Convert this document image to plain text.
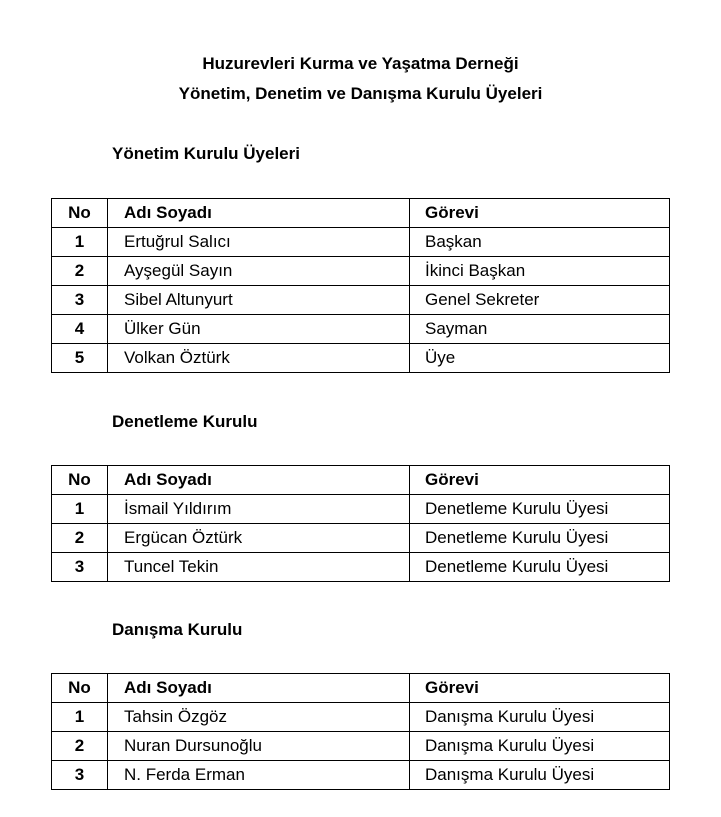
Huzurevleri Kurma ve Yaşatma Derneği
Yönetim, Denetim ve Danışma Kurulu Üyeleri
Yönetim Kurulu Üyeleri
No	Adı Soyadı	Görevi
1	Ertuğrul Salıcı	Başkan
2	Ayşegül Sayın	İkinci Başkan
3	Sibel Altunyurt	Genel Sekreter
4	Ülker Gün	Sayman
5	Volkan Öztürk	Üye
Denetleme Kurulu
No	Adı Soyadı	Görevi
1	İsmail Yıldırım	Denetleme Kurulu Üyesi
2	Ergücan Öztürk	Denetleme Kurulu Üyesi
3	Tuncel Tekin	Denetleme Kurulu Üyesi
Danışma Kurulu
No	Adı Soyadı	Görevi
1	Tahsin Özgöz	Danışma Kurulu Üyesi
2	Nuran Dursunoğlu	Danışma Kurulu Üyesi
3	N. Ferda Erman	Danışma Kurulu Üyesi
